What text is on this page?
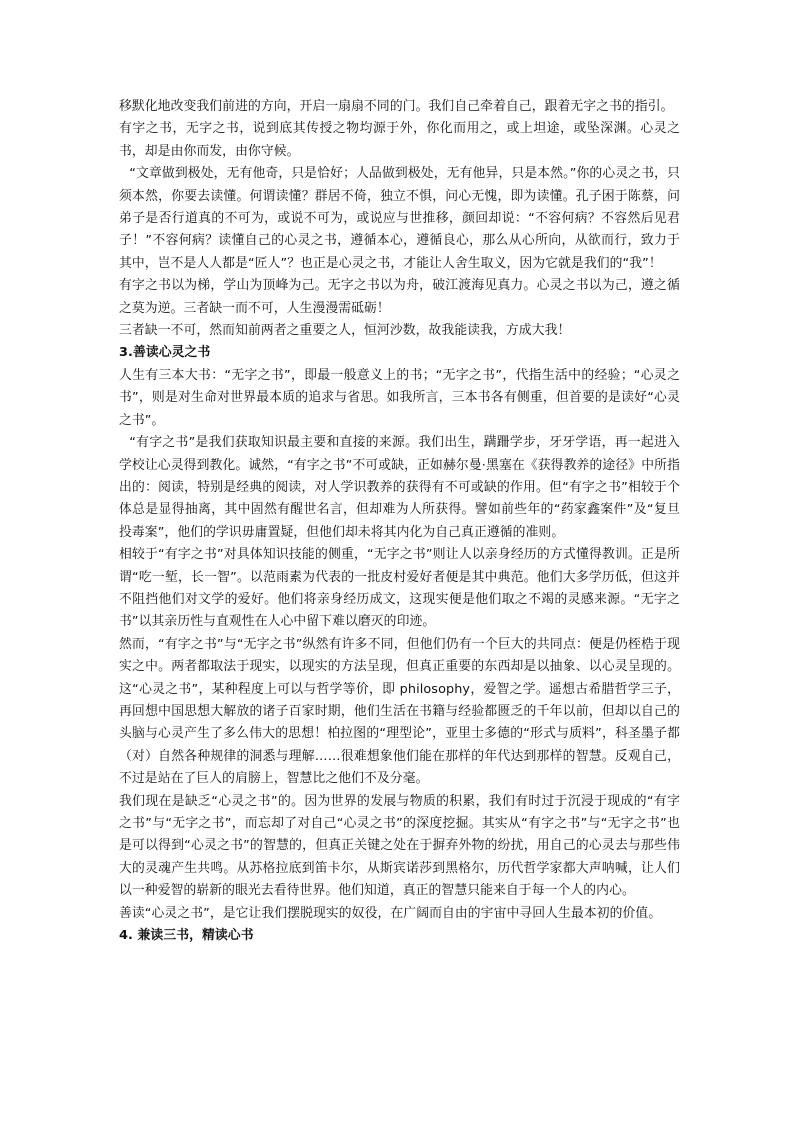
移默化地改变我们前进的方向，开启一扇扇不同的门。我们自己牵着自己，跟着无字之书的指引。

有字之书，无字之书，说到底其传授之物均源于外，你化而用之，或上坦途，或坠深渊。心灵之书，却是由你而发，由你守候。

“文章做到极处，无有他奇，只是恰好；人品做到极处，无有他异，只是本然。”你的心灵之书，只须本然，你要去读懂。何谓读懂？群居不倚，独立不惧，问心无愧，即为读懂。孔子困于陈蔡，问弟子是否行道真的不可为，或说不可为，或说应与世推移，颜回却说：“不容何病？不容然后见君子！”不容何病？读懂自己的心灵之书，遵循本心，遵循良心，那么从心所向，从欲而行，致力于其中，岂不是人人都是“匠人”？也正是心灵之书，才能让人舍生取义，因为它就是我们的“我”！

有字之书以为梯，学山为顶峰为己。无字之书以为舟，破江渡海见真力。心灵之书以为己，遵之循之莫为逆。三者缺一而不可，人生漫漫需砥砺！

三者缺一不可，然而知前两者之重要之人，恒河沙数，故我能读我，方成大我！

3.善读心灵之书

人生有三本大书：“无字之书”，即最一般意义上的书；“无字之书”，代指生活中的经验；“心灵之书”，则是对生命对世界最本质的追求与省思。如我所言，三本书各有侧重，但首要的是读好“心灵之书”。

“有字之书”是我们获取知识最主要和直接的来源。我们出生，蹒跚学步，牙牙学语，再一起进入学校让心灵得到教化。诚然，“有字之书”不可或缺，正如赫尔曼·黑塞在《获得教养的途径》中所指出的：阅读，特别是经典的阅读，对人学识教养的获得有不可或缺的作用。但“有字之书”相较于个体总是显得抽离，其中固然有醒世名言，但却难为人所获得。譬如前些年的“药家鑫案件”及“复旦投毒案”，他们的学识毋庸置疑，但他们却未将其内化为自己真正遵循的准则。

相较于“有字之书”对具体知识技能的侧重，“无字之书”则让人以亲身经历的方式懂得教训。正是所谓“吃一堑，长一智”。以范雨素为代表的一批皮村爱好者便是其中典范。他们大多学历低，但这并不阻挡他们对文学的爱好。他们将亲身经历成文，这现实便是他们取之不竭的灵感来源。“无字之书”以其亲历性与直观性在人心中留下难以磨灭的印迹。

然而，“有字之书”与“无字之书”纵然有许多不同，但他们仍有一个巨大的共同点：便是仍桎梏于现实之中。两者都取法于现实，以现实的方法呈现，但真正重要的东西却是以抽象、以心灵呈现的。这“心灵之书”，某种程度上可以与哲学等价，即 philosophy，爱智之学。遥想古希腊哲学三子，再回想中国思想大解放的诸子百家时期，他们生活在书籍与经验都匮乏的千年以前，但却以自己的头脑与心灵产生了多么伟大的思想！柏拉图的“理型论”，亚里士多德的“形式与质料”，科圣墨子都（对）自然各种规律的洞悉与理解……很难想象他们能在那样的年代达到那样的智慧。反观自己，不过是站在了巨人的肩膀上，智慧比之他们不及分毫。

我们现在是缺乏“心灵之书”的。因为世界的发展与物质的积累，我们有时过于沉浸于现成的“有字之书”与“无字之书”，而忘却了对自己“心灵之书”的深度挖掘。其实从“有字之书”与“无字之书”也是可以得到“心灵之书”的智慧的，但真正关键之处在于摒弃外物的纷扰，用自己的心灵去与那些伟大的灵魂产生共鸣。从苏格拉底到笛卡尔，从斯宾诺莎到黑格尔，历代哲学家都大声呐喊，让人们以一种爱智的崭新的眼光去看待世界。他们知道，真正的智慧只能来自于每一个人的内心。

善读“心灵之书”，是它让我们摆脱现实的奴役，在广阔而自由的宇宙中寻回人生最本初的价值。

4. 兼读三书，精读心书
